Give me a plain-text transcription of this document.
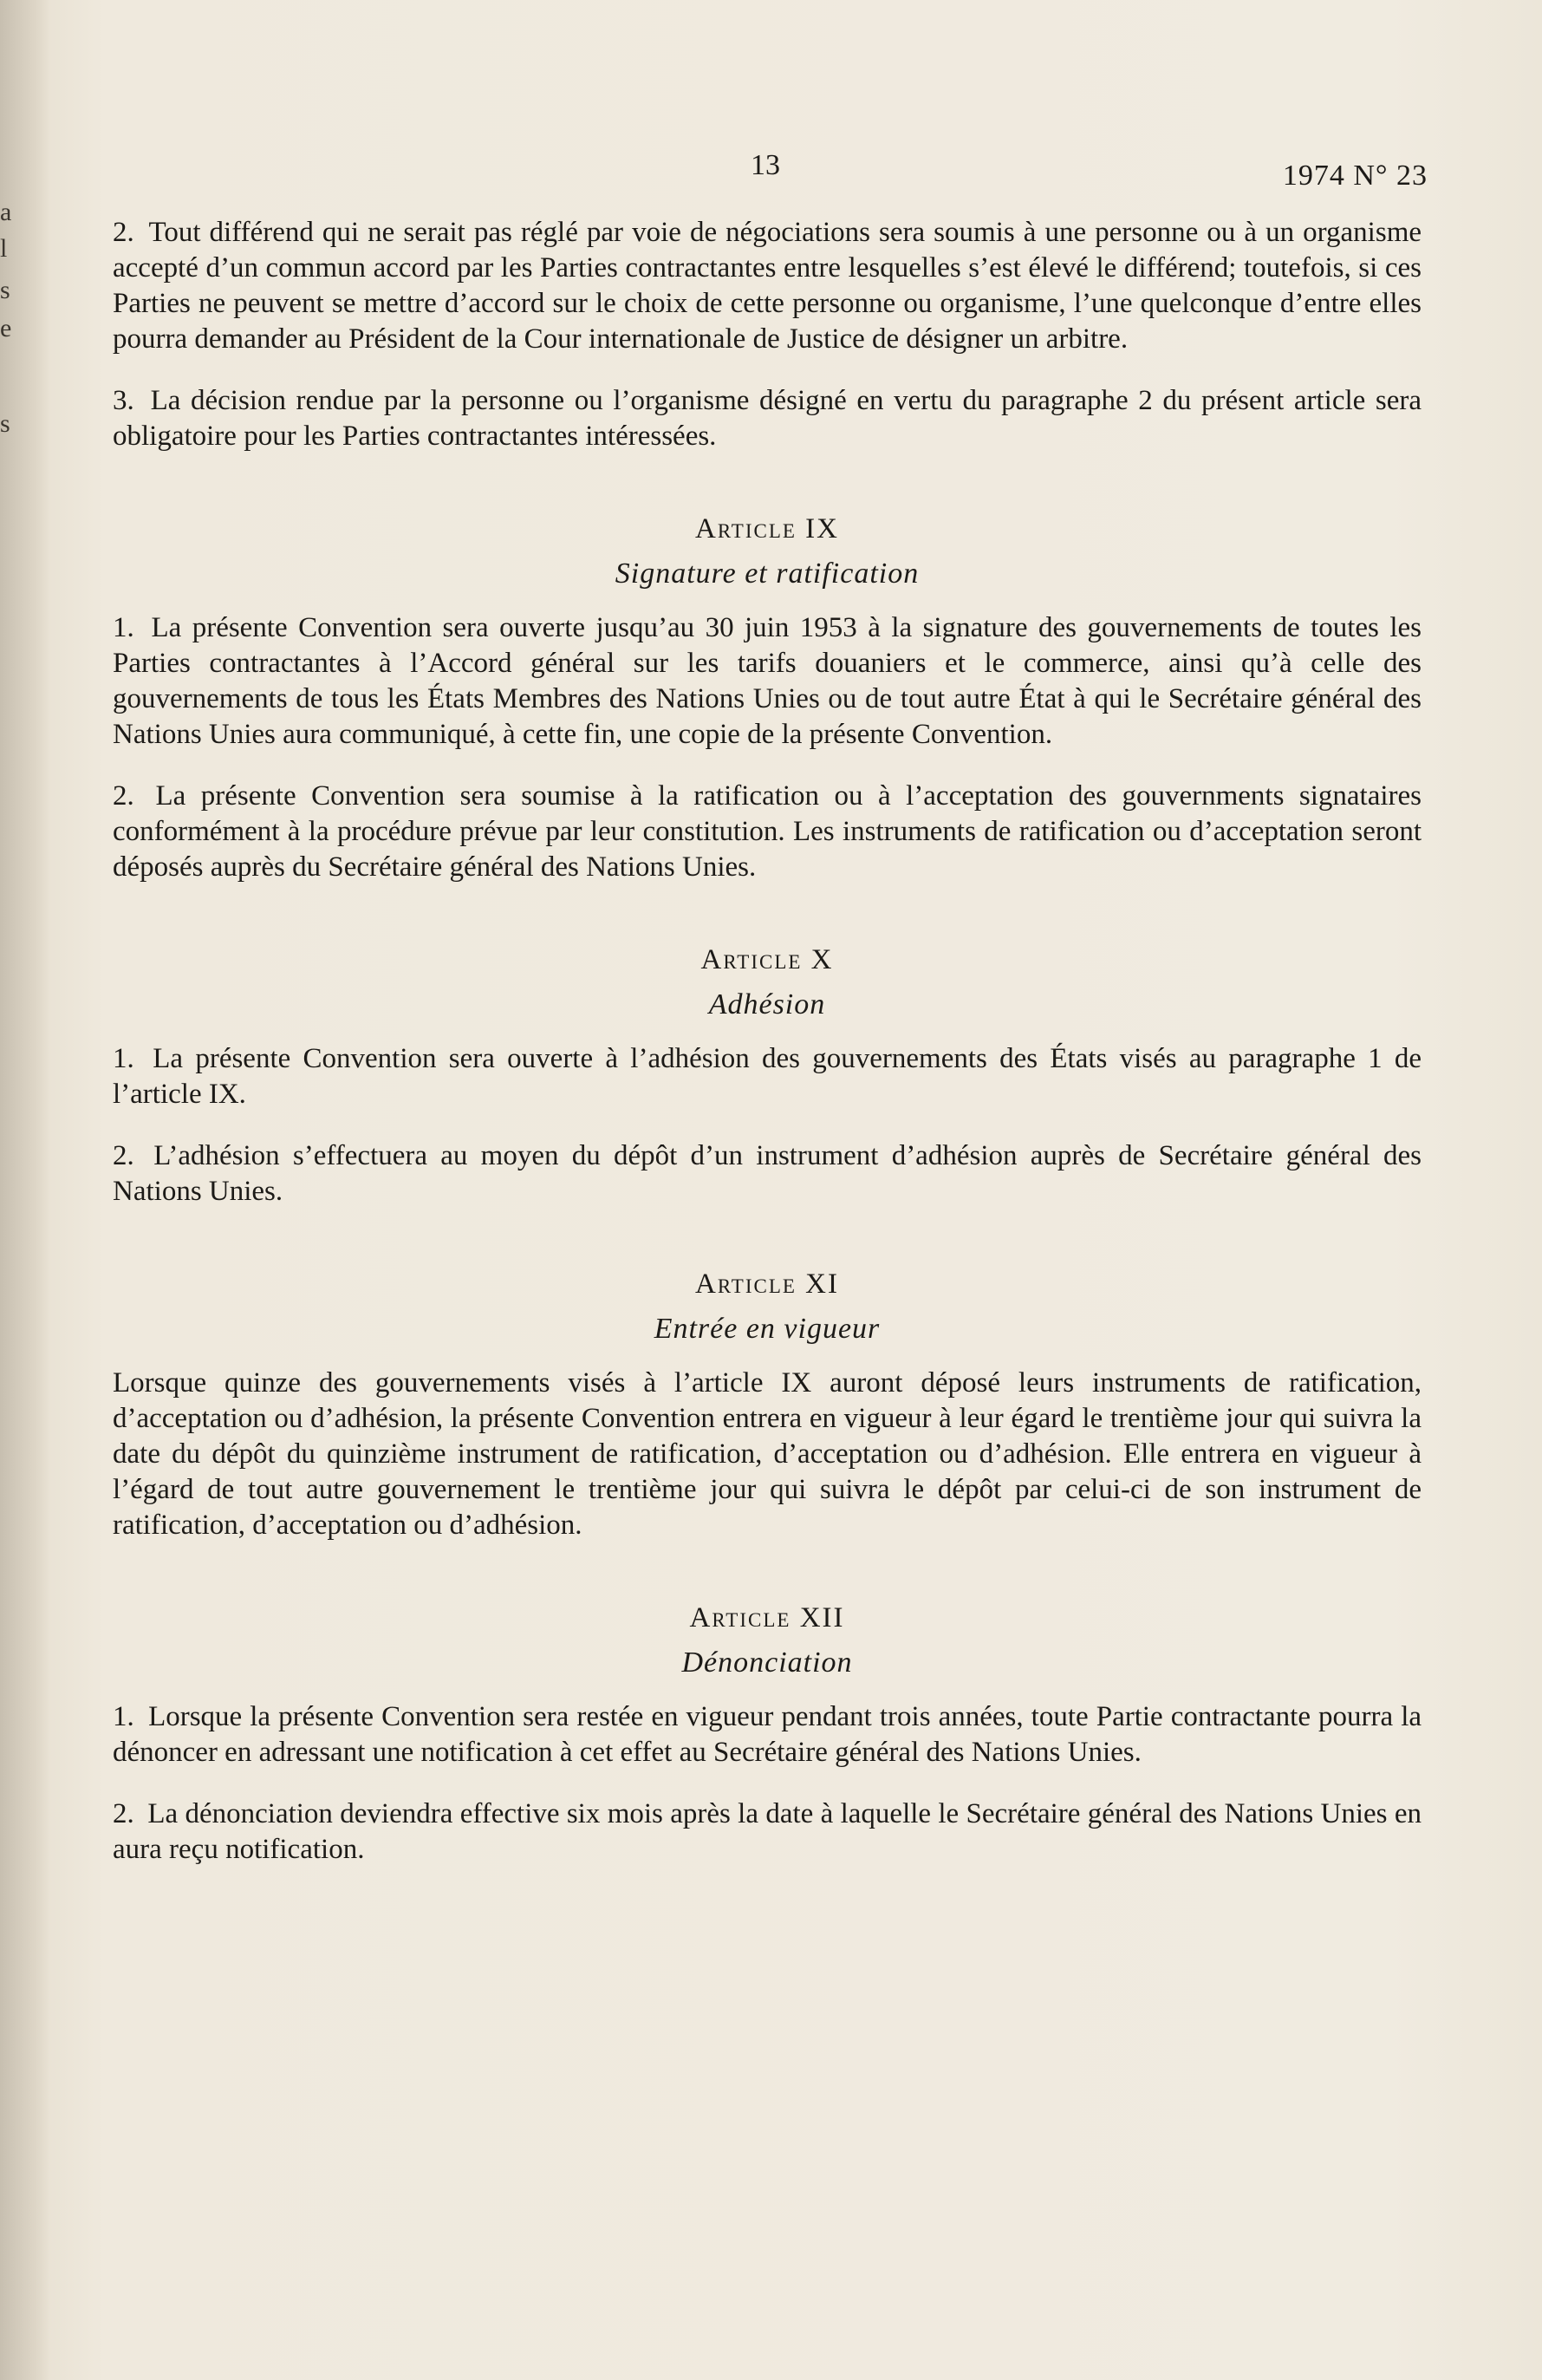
a
l
s
e
s
13	1974 N° 23

2. Tout différend qui ne serait pas réglé par voie de négociations sera soumis à une personne ou à un organisme accepté d’un commun accord par les Parties contractantes entre lesquelles s’est élevé le différend; toutefois, si ces Parties ne peuvent se mettre d’accord sur le choix de cette personne ou organisme, l’une quelconque d’entre elles pourra demander au Président de la Cour internationale de Justice de désigner un arbitre.

3. La décision rendue par la personne ou l’organisme désigné en vertu du paragraphe 2 du présent article sera obligatoire pour les Parties contractantes intéressées.

Article IX
Signature et ratification

1. La présente Convention sera ouverte jusqu’au 30 juin 1953 à la signature des gouvernements de toutes les Parties contractantes à l’Accord général sur les tarifs douaniers et le commerce, ainsi qu’à celle des gouvernements de tous les États Membres des Nations Unies ou de tout autre État à qui le Secrétaire général des Nations Unies aura communiqué, à cette fin, une copie de la présente Convention.

2. La présente Convention sera soumise à la ratification ou à l’acceptation des gouvernments signataires conformément à la procédure prévue par leur constitution. Les instruments de ratification ou d’acceptation seront déposés auprès du Secrétaire général des Nations Unies.

Article X
Adhésion

1. La présente Convention sera ouverte à l’adhésion des gouvernements des États visés au paragraphe 1 de l’article IX.

2. L’adhésion s’effectuera au moyen du dépôt d’un instrument d’adhésion auprès de Secrétaire général des Nations Unies.

Article XI
Entrée en vigueur

Lorsque quinze des gouvernements visés à l’article IX auront déposé leurs instruments de ratification, d’acceptation ou d’adhésion, la présente Convention entrera en vigueur à leur égard le trentième jour qui suivra la date du dépôt du quinzième instrument de ratification, d’acceptation ou d’adhésion. Elle entrera en vigueur à l’égard de tout autre gouvernement le trentième jour qui suivra le dépôt par celui-ci de son instrument de ratification, d’acceptation ou d’adhésion.

Article XII
Dénonciation

1. Lorsque la présente Convention sera restée en vigueur pendant trois années, toute Partie contractante pourra la dénoncer en adressant une notification à cet effet au Secrétaire général des Nations Unies.

2. La dénonciation deviendra effective six mois après la date à laquelle le Secrétaire général des Nations Unies en aura reçu notification.
